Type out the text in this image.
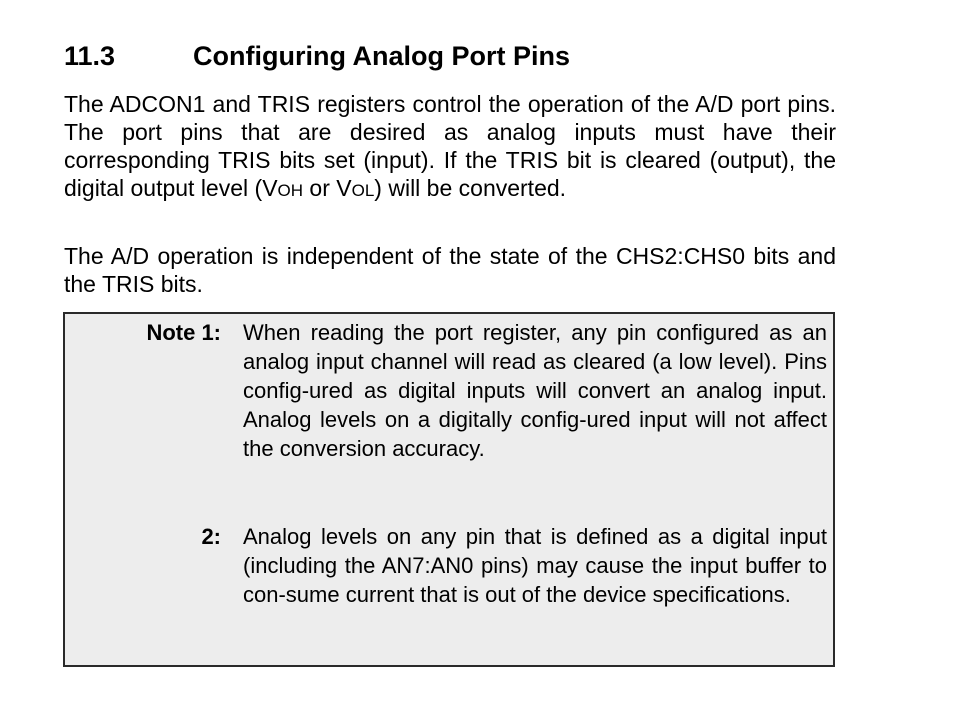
11.3	Configuring Analog Port Pins

The ADCON1 and TRIS registers control the operation of the A/D port pins. The port pins that are desired as analog inputs must have their corresponding TRIS bits set (input). If the TRIS bit is cleared (output), the digital output level (VOH or VOL) will be converted.

The A/D operation is independent of the state of the CHS2:CHS0 bits and the TRIS bits.

Note 1: When reading the port register, any pin configured as an analog input channel will read as cleared (a low level). Pins config-ured as digital inputs will convert an analog input. Analog levels on a digitally config-ured input will not affect the conversion accuracy.

2: Analog levels on any pin that is defined as a digital input (including the AN7:AN0 pins) may cause the input buffer to con-sume current that is out of the device specifications.
